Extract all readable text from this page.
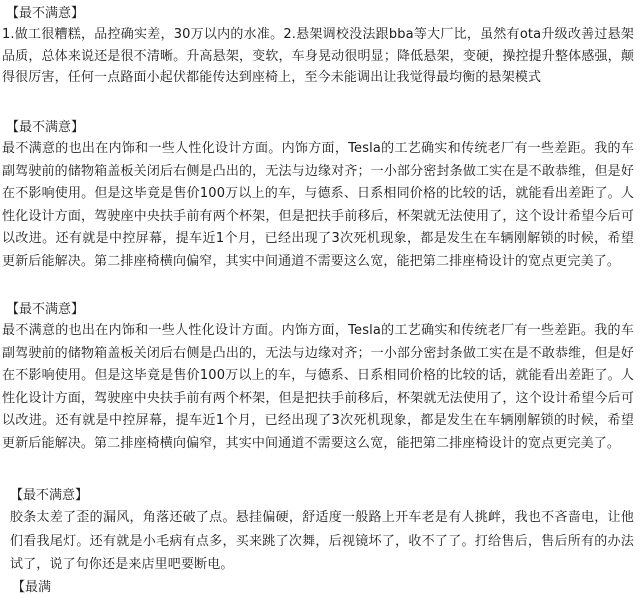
【最不满意】
1.做工很糟糕，品控确实差，30万以内的水准。2.悬架调校没法跟bba等大厂比，虽然有ota升级改善过悬架品质，总体来说还是很不清晰。升高悬架，变软，车身晃动很明显；降低悬架，变硬，操控提升整体感强，颠得很厉害，任何一点路面小起伏都能传达到座椅上，至今未能调出让我觉得最均衡的悬架模式
【最不满意】
最不满意的也出在内饰和一些人性化设计方面。内饰方面，Tesla的工艺确实和传统老厂有一些差距。我的车副驾驶前的储物箱盖板关闭后右侧是凸出的，无法与边缘对齐；一小部分密封条做工实在是不敢恭维，但是好在不影响使用。但是这毕竟是售价100万以上的车，与德系、日系相同价格的比较的话，就能看出差距了。人性化设计方面，驾驶座中央扶手前有两个杯架，但是把扶手前移后，杯架就无法使用了，这个设计希望今后可以改进。还有就是中控屏幕，提车近1个月，已经出现了3次死机现象，都是发生在车辆刚解锁的时候，希望更新后能解决。第二排座椅横向偏窄，其实中间通道不需要这么宽，能把第二排座椅设计的宽点更完美了。
【最不满意】
最不满意的也出在内饰和一些人性化设计方面。内饰方面，Tesla的工艺确实和传统老厂有一些差距。我的车副驾驶前的储物箱盖板关闭后右侧是凸出的，无法与边缘对齐；一小部分密封条做工实在是不敢恭维，但是好在不影响使用。但是这毕竟是售价100万以上的车，与德系、日系相同价格的比较的话，就能看出差距了。人性化设计方面，驾驶座中央扶手前有两个杯架，但是把扶手前移后，杯架就无法使用了，这个设计希望今后可以改进。还有就是中控屏幕，提车近1个月，已经出现了3次死机现象，都是发生在车辆刚解锁的时候，希望更新后能解决。第二排座椅横向偏窄，其实中间通道不需要这么宽，能把第二排座椅设计的宽点更完美了。
【最不满意】
胶条太差了歪的漏风，角落还破了点。悬挂偏硬，舒适度一般路上开车老是有人挑衅，我也不吝啬电，让他们看我尾灯。还有就是小毛病有点多，买来跳了次舞，后视镜坏了，收不了了。打给售后，售后所有的办法试了，说了句你还是来店里吧要断电。
【最满
